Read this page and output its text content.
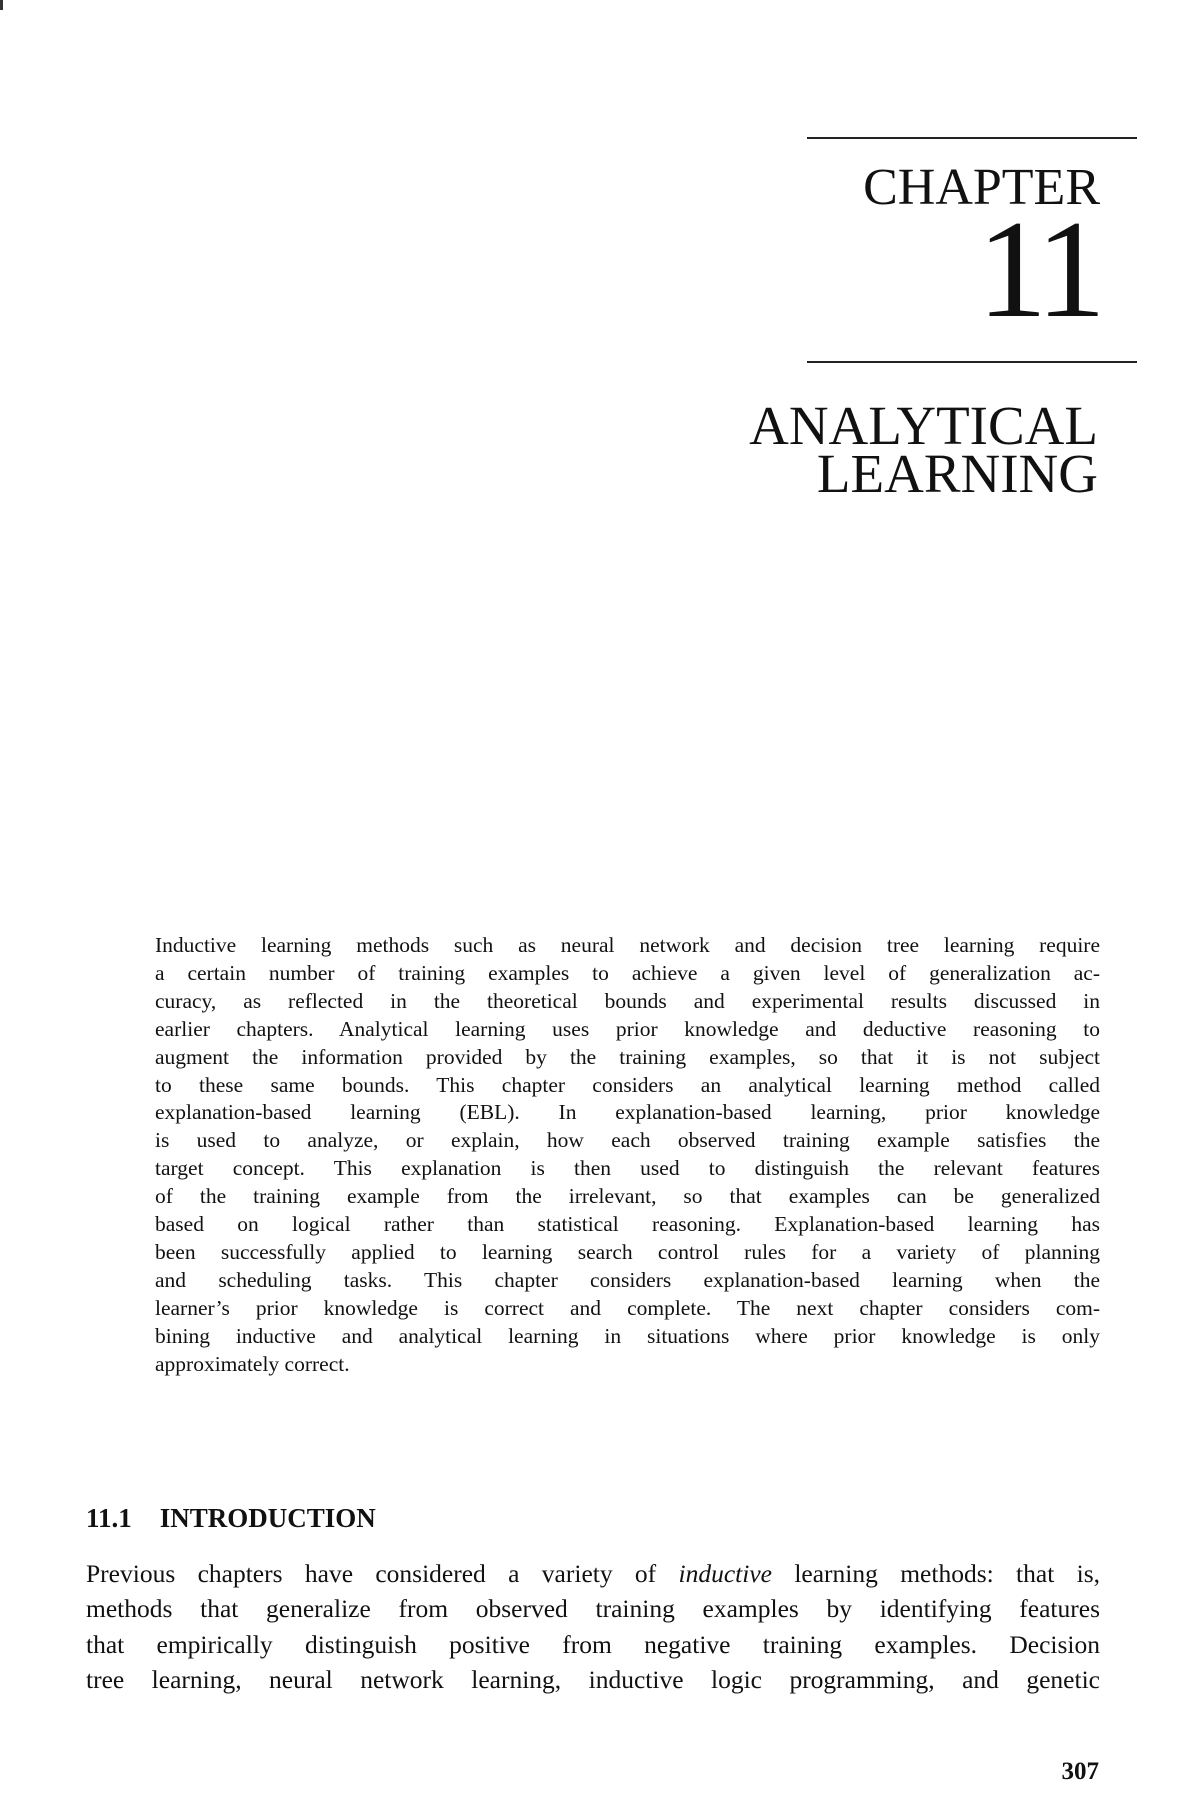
CHAPTER
11
ANALYTICAL
LEARNING
Inductive learning methods such as neural network and decision tree learning require
a certain number of training examples to achieve a given level of generalization ac-
curacy, as reflected in the theoretical bounds and experimental results discussed in
earlier chapters. Analytical learning uses prior knowledge and deductive reasoning to
augment the information provided by the training examples, so that it is not subject
to these same bounds. This chapter considers an analytical learning method called
explanation-based learning (EBL). In explanation-based learning, prior knowledge
is used to analyze, or explain, how each observed training example satisfies the
target concept. This explanation is then used to distinguish the relevant features
of the training example from the irrelevant, so that examples can be generalized
based on logical rather than statistical reasoning. Explanation-based learning has
been successfully applied to learning search control rules for a variety of planning
and scheduling tasks. This chapter considers explanation-based learning when the
learner’s prior knowledge is correct and complete. The next chapter considers com-
bining inductive and analytical learning in situations where prior knowledge is only
approximately correct.
11.1 INTRODUCTION
Previous chapters have considered a variety of inductive learning methods: that is,
methods that generalize from observed training examples by identifying features
that empirically distinguish positive from negative training examples. Decision
tree learning, neural network learning, inductive logic programming, and genetic
307
